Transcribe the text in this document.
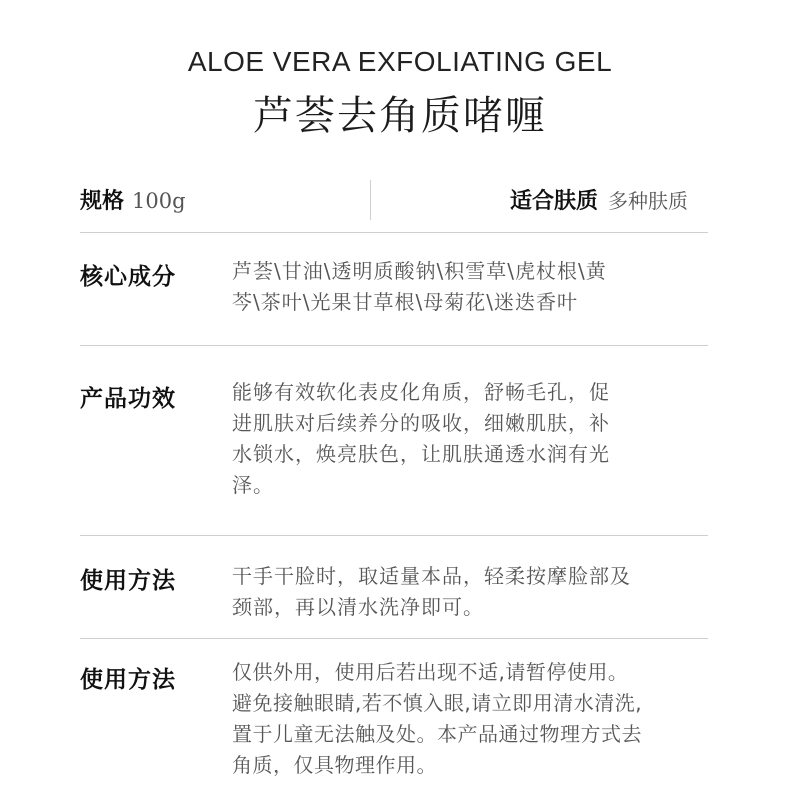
ALOE VERA EXFOLIATING GEL
芦荟去角质啫喱
规格 100g	适合肤质 多种肤质
核心成分	芦荟\甘油\透明质酸钠\积雪草\虎杖根\黄
芩\茶叶\光果甘草根\母菊花\迷迭香叶
产品功效	能够有效软化表皮化角质，舒畅毛孔，促
进肌肤对后续养分的吸收，细嫩肌肤，补
水锁水，焕亮肤色，让肌肤通透水润有光
泽。
使用方法	干手干脸时，取适量本品，轻柔按摩脸部及
颈部，再以清水洗净即可。
使用方法	仅供外用，使用后若出现不适,请暂停使用。
避免接触眼睛,若不慎入眼,请立即用清水清洗,
置于儿童无法触及处。本产品通过物理方式去
角质，仅具物理作用。
